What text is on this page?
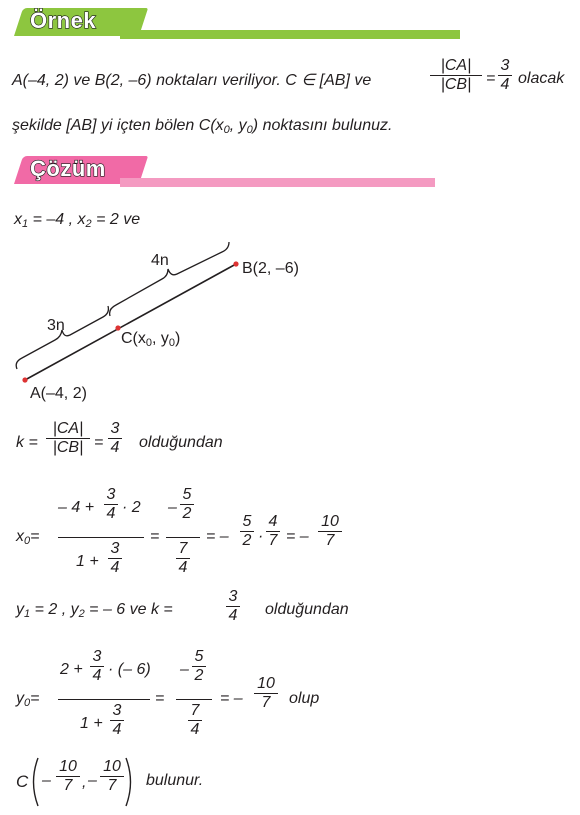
Örnek
A(–4, 2) ve B(2, –6) noktaları veriliyor. C ∈ [AB] ve
|CA|
|CB| =
3
4 olacak
şekilde [AB] yi içten bölen $C(x_0$, $y_0$) noktasını bulunuz.
Çözüm
$x_1 = -4$ , $x_2 = 2$ ve
4n
3n
B(2, –6)
$C(x_0$, $y_0$)
A(–4, 2)
k =
|CA|
|CB| =
3
4 olduğundan
$x_0=$
– 4 +
3
4 · 2
1 +
3
4
=
–
5
2
7
4
= –
5
2 ·
4
7 = –
10
7
$y_1 = 2$ , $y_2$ = – 6 ve k =
3
4 olduğundan
$y_0=$
2 +
3
4 · (– 6)
1 +
3
4
=
–
5
2
7
4
= –
10
7	olup
C –
10
7 , –
10
7	bulunur.
